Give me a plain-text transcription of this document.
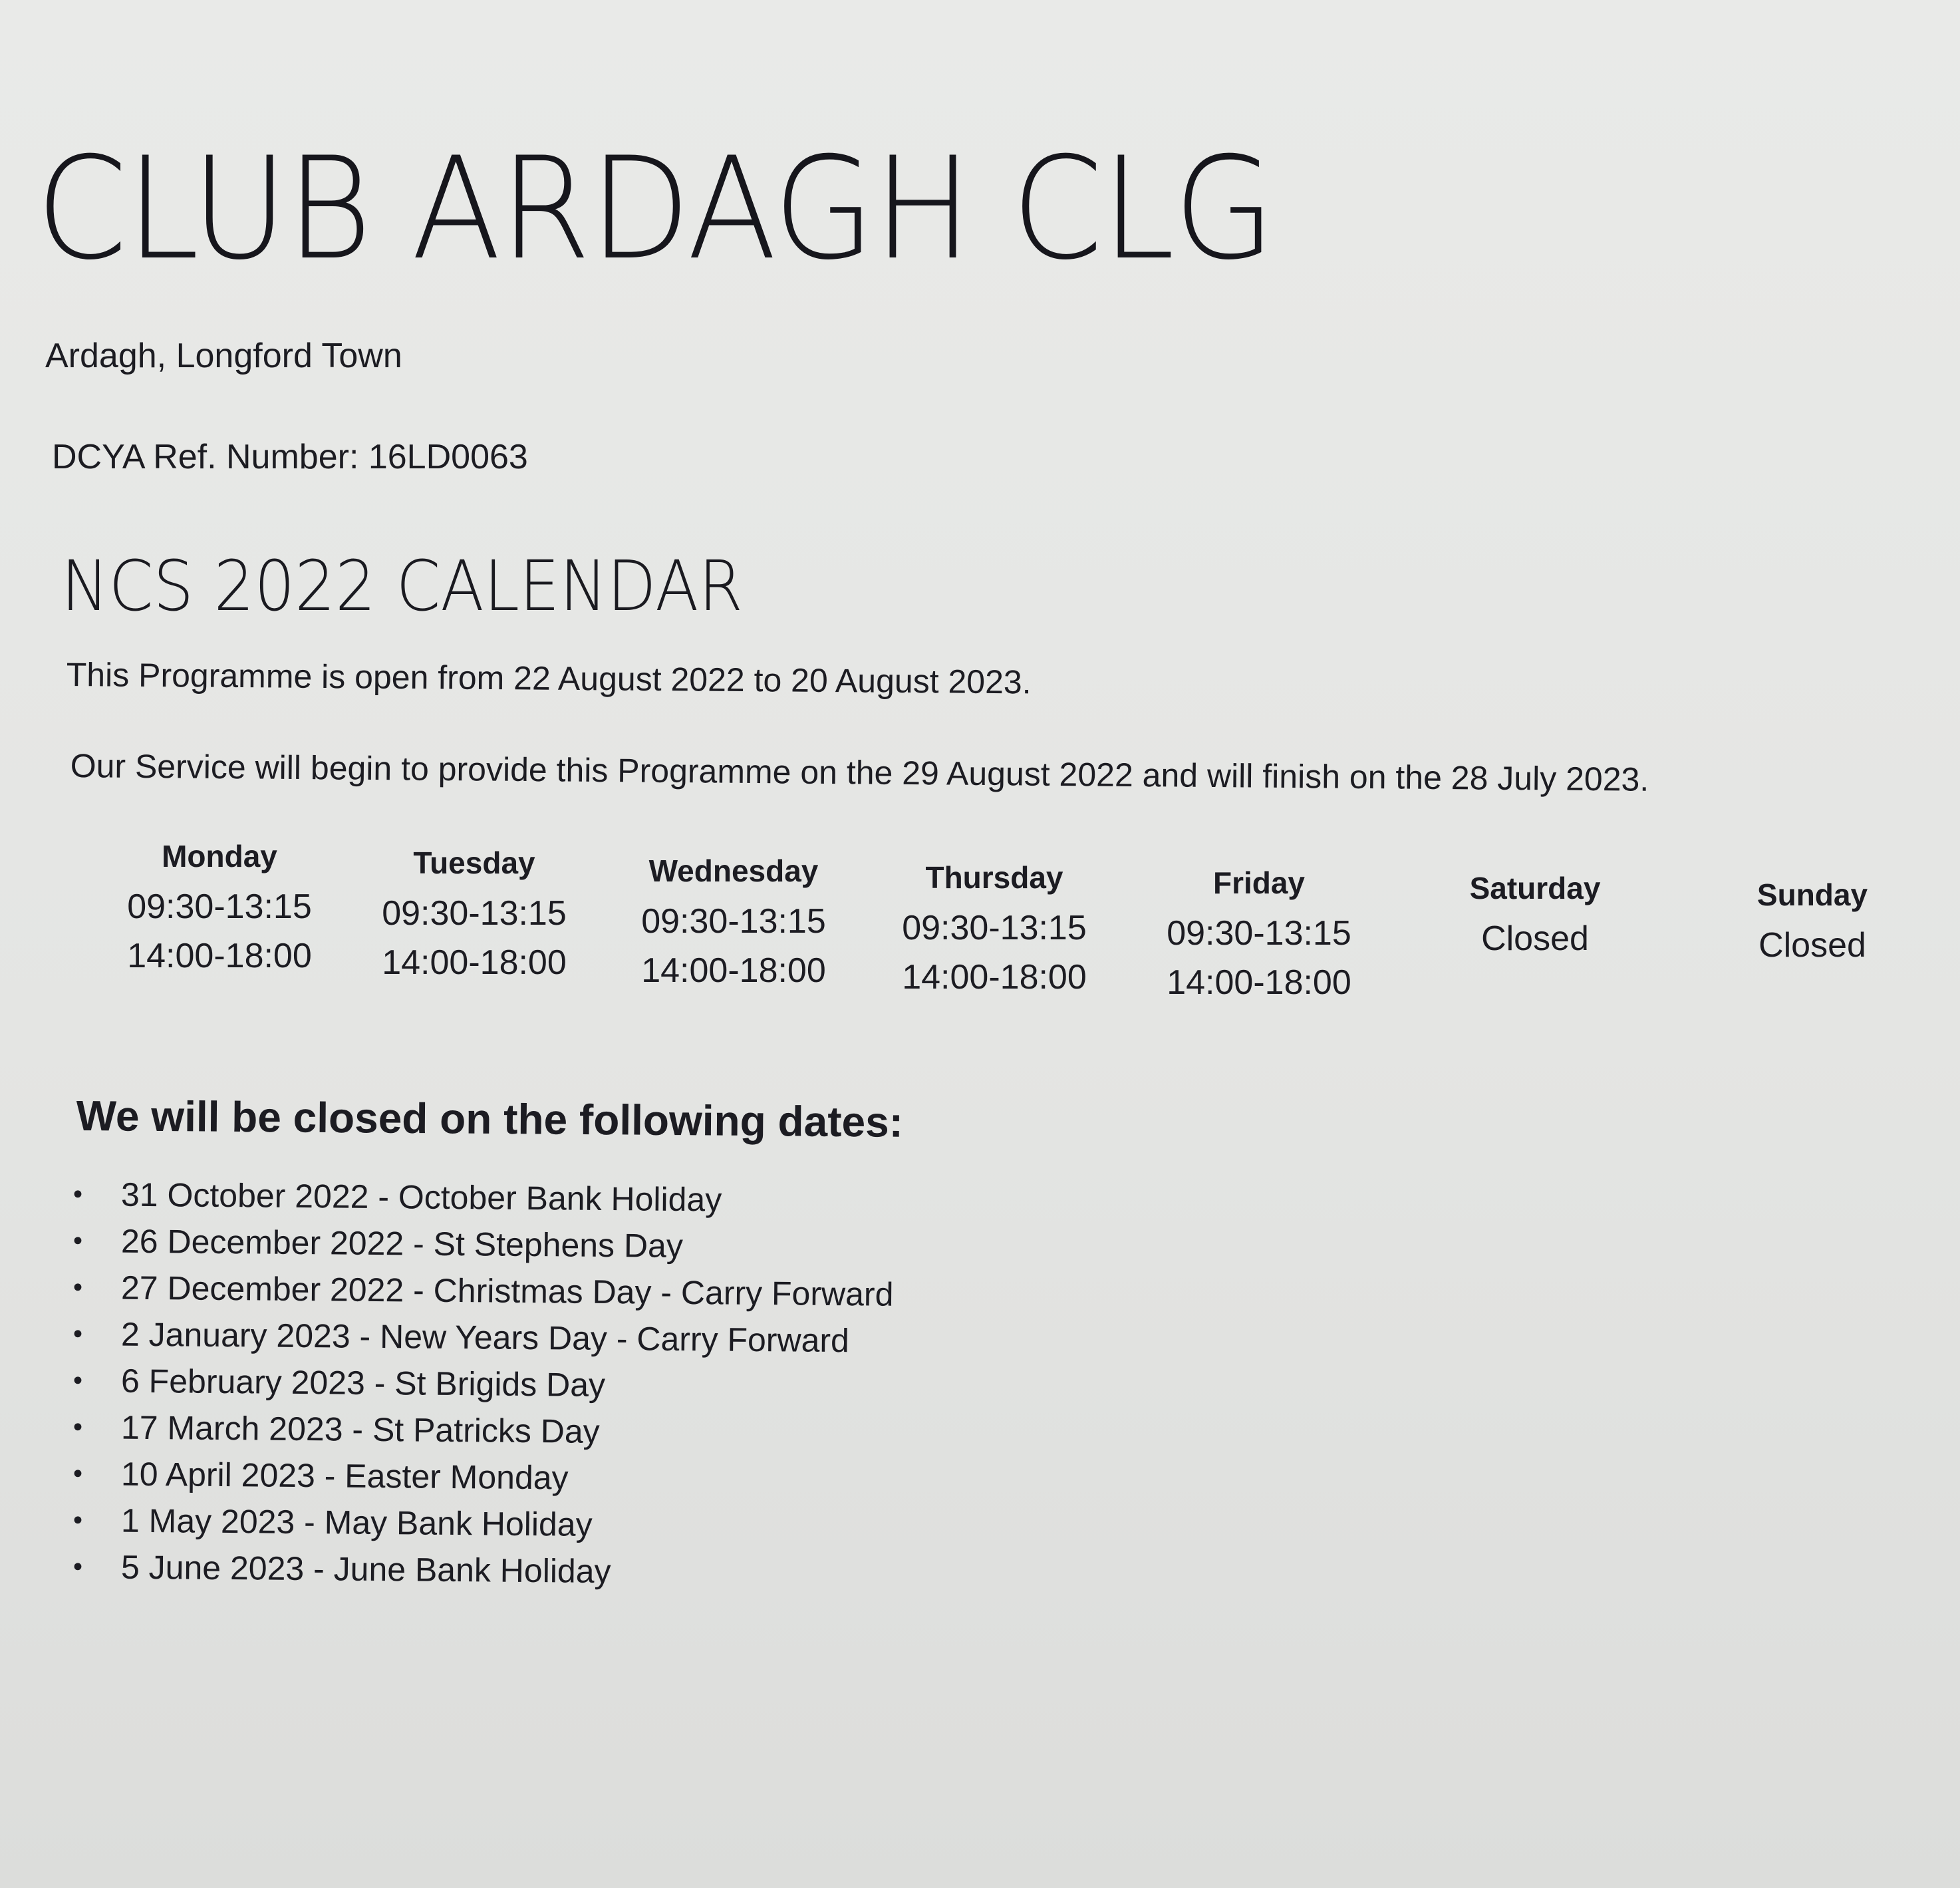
CLUB ARDAGH CLG

Ardagh, Longford Town

DCYA Ref. Number: 16LD0063

NCS 2022 CALENDAR

This Programme is open from 22 August 2022 to 20 August 2023.

Our Service will begin to provide this Programme on the 29 August 2022 and will finish on the 28 July 2023.

Monday
09:30-13:15
14:00-18:00
Tuesday
09:30-13:15
14:00-18:00
Wednesday
09:30-13:15
14:00-18:00
Thursday
09:30-13:15
14:00-18:00
Friday
09:30-13:15
14:00-18:00
Saturday
Closed
Sunday
Closed
We will be closed on the following dates:
• 31 October 2022 - October Bank Holiday
• 26 December 2022 - St Stephens Day
• 27 December 2022 - Christmas Day - Carry Forward
• 2 January 2023 - New Years Day - Carry Forward
• 6 February 2023 - St Brigids Day
• 17 March 2023 - St Patricks Day
• 10 April 2023 - Easter Monday
• 1 May 2023 - May Bank Holiday
• 5 June 2023 - June Bank Holiday
